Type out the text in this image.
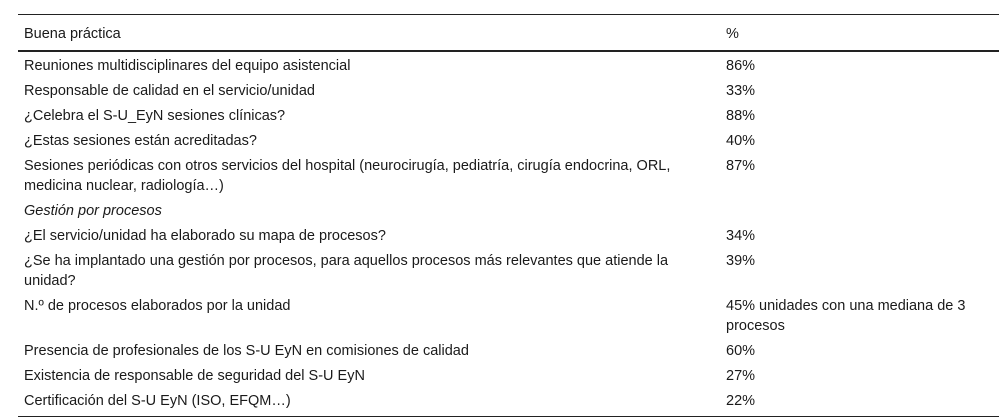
Buena práctica	%
Reuniones multidisciplinares del equipo asistencial	86%
Responsable de calidad en el servicio/unidad	33%
¿Celebra el S-U_EyN sesiones clínicas?	88%
¿Estas sesiones están acreditadas?	40%
Sesiones periódicas con otros servicios del hospital (neurocirugía, pediatría, cirugía endocrina, ORL, medicina nuclear, radiología…)	87%
Gestión por procesos	
¿El servicio/unidad ha elaborado su mapa de procesos?	34%
¿Se ha implantado una gestión por procesos, para aquellos procesos más relevantes que atiende la unidad?	39%
N.º de procesos elaborados por la unidad	45% unidades con una mediana de 3 procesos
Presencia de profesionales de los S-U EyN en comisiones de calidad	60%
Existencia de responsable de seguridad del S-U EyN	27%
Certificación del S-U EyN (ISO, EFQM…)	22%
